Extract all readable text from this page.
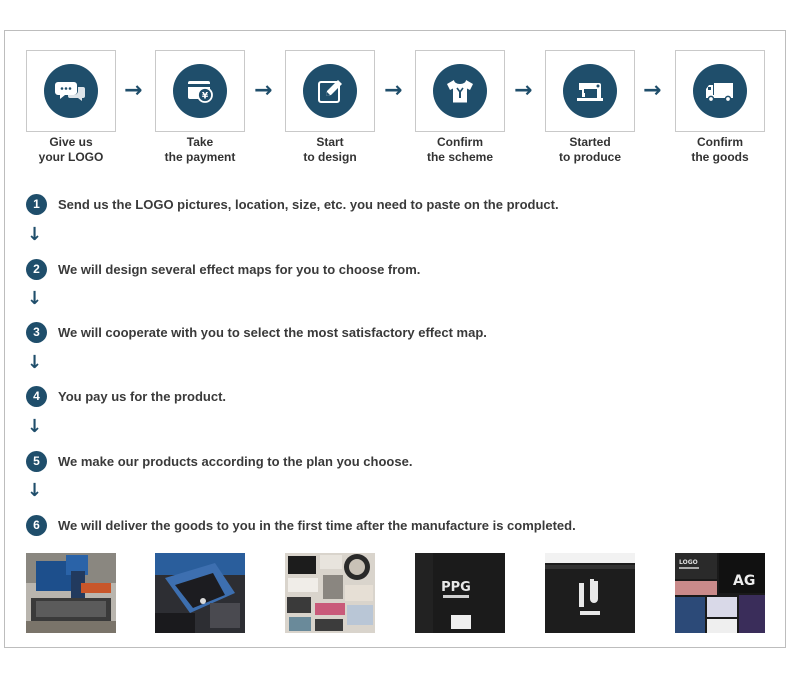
Give us
your LOGO
→	¥
Take
the payment
→
Start
to design
→
Confirm
the scheme
→
Started
to produce
→
Confirm
the goods
1	Send us the LOGO pictures, location, size, etc. you need to paste on the product.
↓
2	We will design several effect maps for you to choose from.
↓
3	We will cooperate with you to select the most satisfactory effect map.
↓
4	You pay us for the product.
↓
5	We make our products according to the plan you choose.
↓
6	We will deliver the goods to you in the first time after the manufacture is completed.
PPG
LOGO
AG
